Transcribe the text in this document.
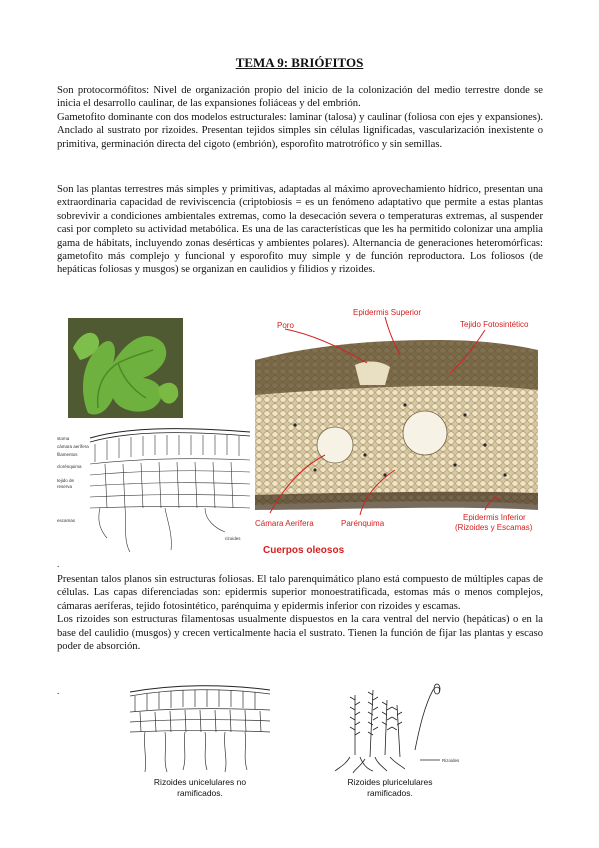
TEMA 9: BRIÓFITOS

Son protocormófitos: Nivel de organización propio del inicio de la colonización del medio terrestre donde se inicia el desarrollo caulinar, de las expansiones foliáceas y del embrión.

Gametofito dominante con dos modelos estructurales: laminar (talosa) y caulinar (foliosa con ejes y expansiones). Anclado al sustrato por rizoides. Presentan tejidos simples sin células lignificadas, vascularización inexistente o primitiva, germinación directa del cigoto (embrión), esporofito matrotrófico y sin semillas.

Son las plantas terrestres más simples y primitivas, adaptadas al máximo aprovechamiento hídrico, presentan una extraordinaria capacidad de reviviscencia (criptobiosis = es un fenómeno adaptativo que permite a estas plantas sobrevivir a condiciones ambientales extremas, como la desecación severa o temperaturas extremas, al suspender casi por completo su actividad metabólica. Es una de las características que les ha permitido colonizar una amplia gama de hábitats, incluyendo zonas desérticas y ambientes polares). Alternancia de generaciones heteromórficas: gametofito más complejo y funcional y esporofito muy simple y de función reproductora. Los foliosos (de hepáticas foliosas y musgos) se organizan en caulidios y filidios y rizoides.

stoma
cámara aerífera
filamentos
clorénquima
tejido de
reserva
escamas
rizoides
Poro
Epidermis Superior
Tejido Fotosintético
Cámara Aerífera	Parénquima
Epidermis Inferior
(Rizoides y Escamas)
Cuerpos oleosos
.

Presentan talos planos sin estructuras foliosas. El talo parenquimático plano está compuesto de múltiples capas de células. Las capas diferenciadas son: epidermis superior monoestratificada, estomas más o menos complejos, cámaras aeríferas, tejido fotosintético, parénquima y epidermis inferior con rizoides y escamas.

Los rizoides son estructuras filamentosas usualmente dispuestos en la cara ventral del nervio (hepáticas) o en la base del caulidio (musgos) y crecen verticalmente hacia el sustrato. Tienen la función de fijar las plantas y escaso poder de absorción.

.
Rizoides unicelulares no
ramificados.
Rizoides
Rizoides pluricelulares
ramificados.
